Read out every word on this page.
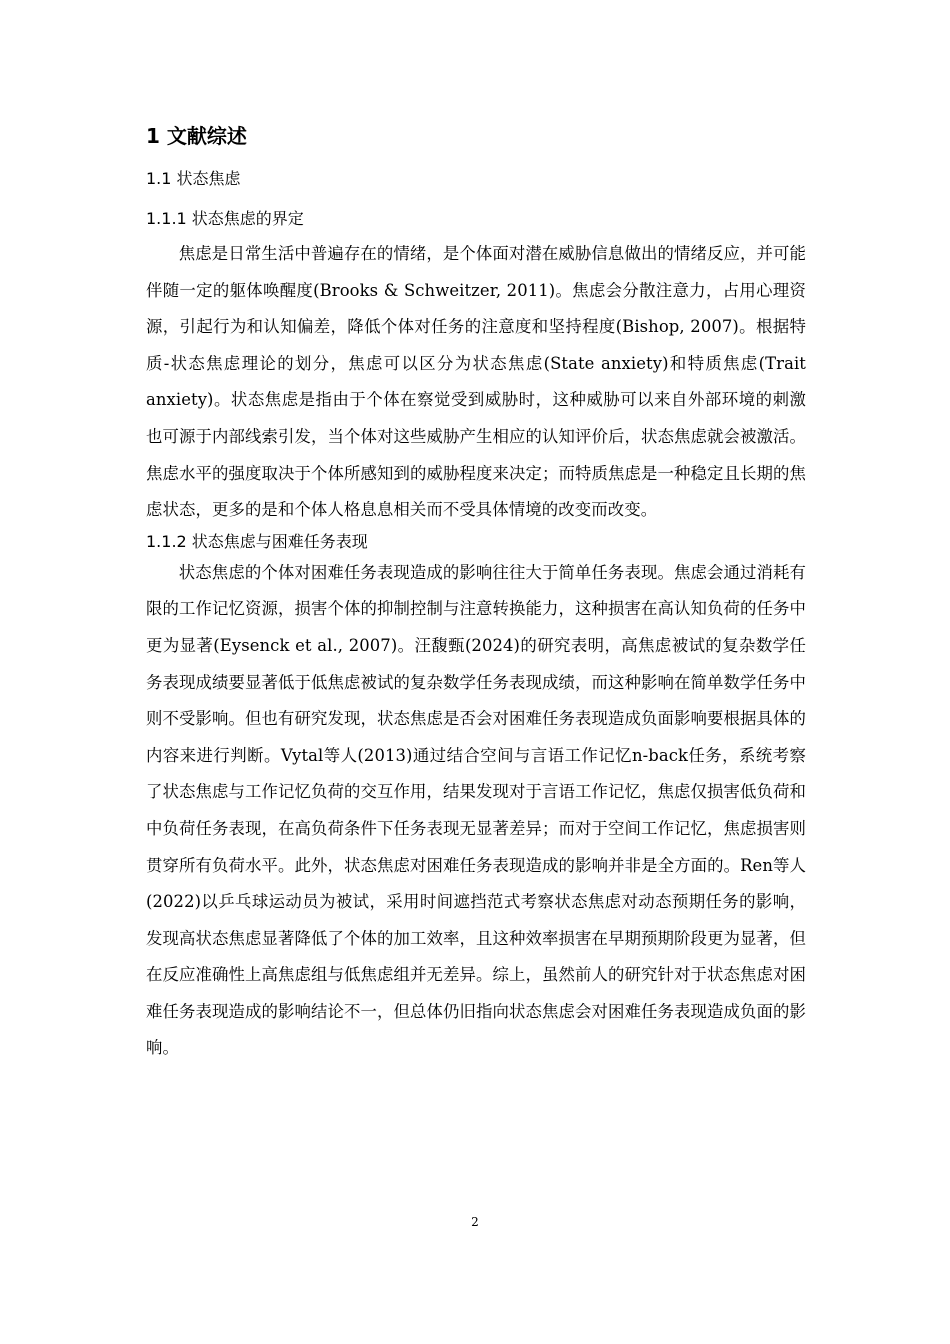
1 文献综述
1.1 状态焦虑
1.1.1 状态焦虑的界定

焦虑是日常生活中普遍存在的情绪，是个体面对潜在威胁信息做出的情绪反应，并可能伴随一定的躯体唤醒度(Brooks & Schweitzer, 2011)。焦虑会分散注意力，占用心理资源，引起行为和认知偏差，降低个体对任务的注意度和坚持程度(Bishop, 2007)。根据特质-状态焦虑理论的划分，焦虑可以区分为状态焦虑(State anxiety)和特质焦虑(Trait anxiety)。状态焦虑是指由于个体在察觉受到威胁时，这种威胁可以来自外部环境的刺激也可源于内部线索引发，当个体对这些威胁产生相应的认知评价后，状态焦虑就会被激活。焦虑水平的强度取决于个体所感知到的威胁程度来决定；而特质焦虑是一种稳定且长期的焦虑状态，更多的是和个体人格息息相关而不受具体情境的改变而改变。

1.1.2 状态焦虑与困难任务表现

状态焦虑的个体对困难任务表现造成的影响往往大于简单任务表现。焦虑会通过消耗有限的工作记忆资源，损害个体的抑制控制与注意转换能力，这种损害在高认知负荷的任务中更为显著(Eysenck et al., 2007)。汪馥甄(2024)的研究表明，高焦虑被试的复杂数学任务表现成绩要显著低于低焦虑被试的复杂数学任务表现成绩，而这种影响在简单数学任务中则不受影响。但也有研究发现，状态焦虑是否会对困难任务表现造成负面影响要根据具体的内容来进行判断。Vytal等人(2013)通过结合空间与言语工作记忆n-back任务，系统考察了状态焦虑与工作记忆负荷的交互作用，结果发现对于言语工作记忆，焦虑仅损害低负荷和中负荷任务表现，在高负荷条件下任务表现无显著差异；而对于空间工作记忆，焦虑损害则贯穿所有负荷水平。此外，状态焦虑对困难任务表现造成的影响并非是全方面的。Ren等人(2022)以乒乓球运动员为被试，采用时间遮挡范式考察状态焦虑对动态预期任务的影响，发现高状态焦虑显著降低了个体的加工效率，且这种效率损害在早期预期阶段更为显著，但在反应准确性上高焦虑组与低焦虑组并无差异。综上，虽然前人的研究针对于状态焦虑对困难任务表现造成的影响结论不一，但总体仍旧指向状态焦虑会对困难任务表现造成负面的影响。

2
